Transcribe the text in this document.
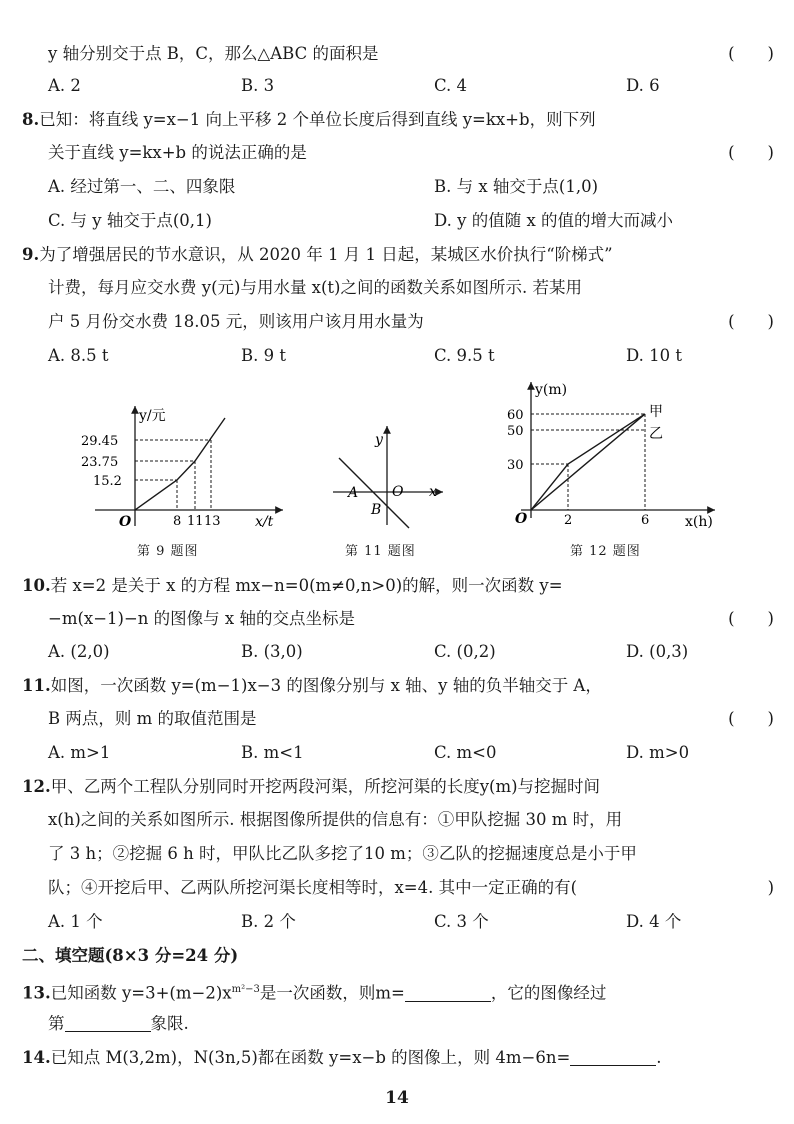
y 轴分别交于点 B，C，那么△ABC 的面积是	(　　)
A. 2	B. 3	C. 4	D. 6
8.已知：将直线 y=x−1 向上平移 2 个单位长度后得到直线 y=kx+b，则下列
关于直线 y=kx+b 的说法正确的是	(　　)
A. 经过第一、二、四象限	B. 与 x 轴交于点(1,0)
C. 与 y 轴交于点(0,1)	D. y 的值随 x 的值的增大而减小
9.为了增强居民的节水意识，从 2020 年 1 月 1 日起，某城区水价执行“阶梯式”
计费，每月应交水费 y(元)与用水量 x(t)之间的函数关系如图所示. 若某用
户 5 月份交水费 18.05 元，则该用户该月用水量为	(　　)
A. 8.5 t	B. 9 t	C. 9.5 t	D. 10 t
y/元
x/t
O
29.45
23.75
15.2
8 11 13
第 9 题图
y
x
O
A
B
第 11 题图
y(m)
x(h)
O
60
50
30
2	6
甲
乙
第 12 题图
10.若 x=2 是关于 x 的方程 mx−n=0(m≠0,n>0)的解，则一次函数 y=
−m(x−1)−n 的图像与 x 轴的交点坐标是	(　　)
A. (2,0)	B. (3,0)	C. (0,2)	D. (0,3)
11.如图，一次函数 y=(m−1)x−3 的图像分别与 x 轴、y 轴的负半轴交于 A，
B 两点，则 m 的取值范围是	(　　)
A. m>1	B. m<1	C. m<0	D. m>0
12.甲、乙两个工程队分别同时开挖两段河渠，所挖河渠的长度y(m)与挖掘时间
x(h)之间的关系如图所示. 根据图像所提供的信息有：①甲队挖掘 30 m 时，用
了 3 h；②挖掘 6 h 时，甲队比乙队多挖了10 m；③乙队的挖掘速度总是小于甲
队；④开挖后甲、乙两队所挖河渠长度相等时，x=4. 其中一定正确的有(	)
A. 1 个	B. 2 个	C. 3 个	D. 4 个
二、填空题(8×3 分=24 分)
13.已知函数 $y=3+(m-2)x^{m^2-3}$是一次函数，则m=	，它的图像经过
第	象限.
14.已知点 M(3,2m)，N(3n,5)都在函数 y=x−b 的图像上，则 4m−6n=	.
14
